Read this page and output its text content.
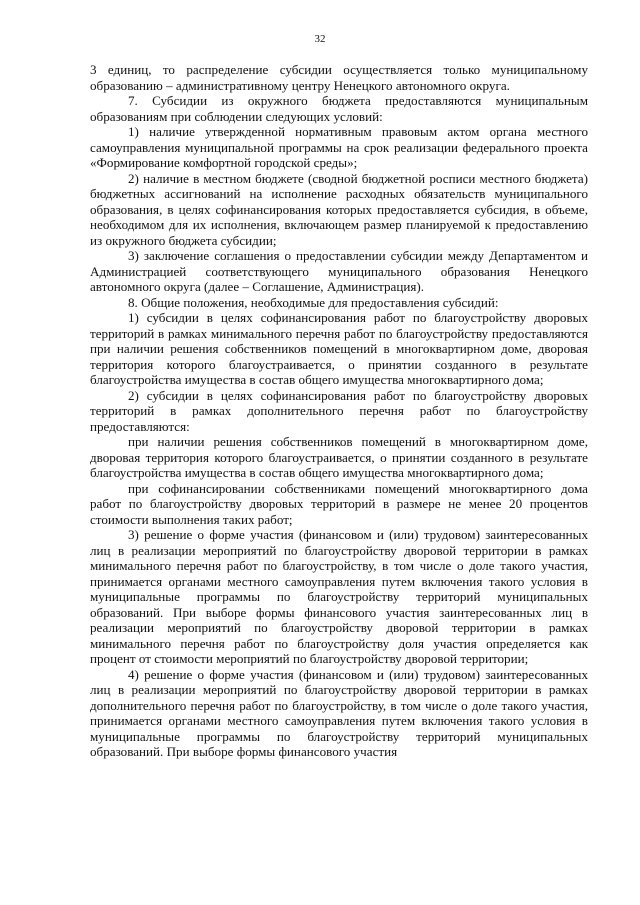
32

3 единиц, то распределение субсидии осуществляется только муниципальному образованию – административному центру Ненецкого автономного округа.

7. Субсидии из окружного бюджета предоставляются муниципальным образованиям при соблюдении следующих условий:

1) наличие утвержденной нормативным правовым актом органа местного самоуправления муниципальной программы на срок реализации федерального проекта «Формирование комфортной городской среды»;

2) наличие в местном бюджете (сводной бюджетной росписи местного бюджета) бюджетных ассигнований на исполнение расходных обязательств муниципального образования, в целях софинансирования которых предоставляется субсидия, в объеме, необходимом для их исполнения, включающем размер планируемой к предоставлению из окружного бюджета субсидии;

3) заключение соглашения о предоставлении субсидии между Департаментом и Администрацией соответствующего муниципального образования Ненецкого автономного округа (далее – Соглашение, Администрация).

8. Общие положения, необходимые для предоставления субсидий:

1) субсидии в целях софинансирования работ по благоустройству дворовых территорий в рамках минимального перечня работ по благоустройству предоставляются при наличии решения собственников помещений в многоквартирном доме, дворовая территория которого благоустраивается, о принятии созданного в результате благоустройства имущества в состав общего имущества многоквартирного дома;

2) субсидии в целях софинансирования работ по благоустройству дворовых территорий в рамках дополнительного перечня работ по благоустройству предоставляются:

при наличии решения собственников помещений в многоквартирном доме, дворовая территория которого благоустраивается, о принятии созданного в результате благоустройства имущества в состав общего имущества многоквартирного дома;

при софинансировании собственниками помещений многоквартирного дома работ по благоустройству дворовых территорий в размере не менее 20 процентов стоимости выполнения таких работ;

3) решение о форме участия (финансовом и (или) трудовом) заинтересованных лиц в реализации мероприятий по благоустройству дворовой территории в рамках минимального перечня работ по благоустройству, в том числе о доле такого участия, принимается органами местного самоуправления путем включения такого условия в муниципальные программы по благоустройству территорий муниципальных образований. При выборе формы финансового участия заинтересованных лиц в реализации мероприятий по благоустройству дворовой территории в рамках минимального перечня работ по благоустройству доля участия определяется как процент от стоимости мероприятий по благоустройству дворовой территории;

4) решение о форме участия (финансовом и (или) трудовом) заинтересованных лиц в реализации мероприятий по благоустройству дворовой территории в рамках дополнительного перечня работ по благоустройству, в том числе о доле такого участия, принимается органами местного самоуправления путем включения такого условия в муниципальные программы по благоустройству территорий муниципальных образований. При выборе формы финансового участия
